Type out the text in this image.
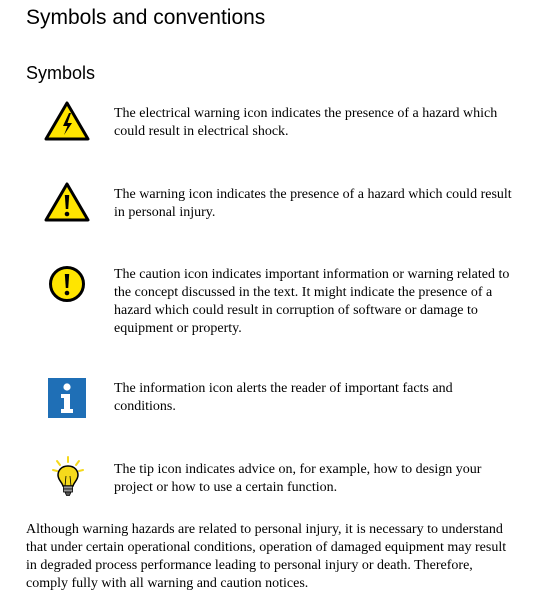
Symbols and conventions
Symbols

The electrical warning icon indicates the presence of a hazard which could result in electrical shock.

The warning icon indicates the presence of a hazard which could result in personal injury.

The caution icon indicates important information or warning related to the concept discussed in the text. It might indicate the presence of a hazard which could result in corruption of software or damage to equipment or property.

The information icon alerts the reader of important facts and conditions.

The tip icon indicates advice on, for example, how to design your project or how to use a certain function.

Although warning hazards are related to personal injury, it is necessary to understand that under certain operational conditions, operation of damaged equipment may result in degraded process performance leading to personal injury or death. Therefore, comply fully with all warning and caution notices.
